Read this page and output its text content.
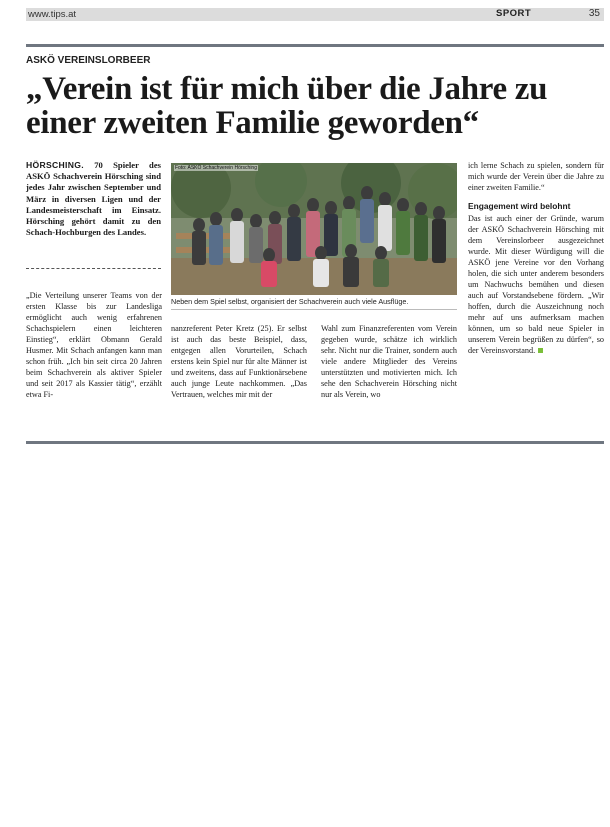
www.tips.at	SPORT	35
ASKÖ VEREINSLORBEER
„Verein ist für mich über die Jahre zu einer zweiten Familie geworden“
HÖRSCHING. 70 Spieler des ASKÖ Schachverein Hörsching sind jedes Jahr zwischen September und März in diversen Ligen und der Landesmeisterschaft im Einsatz. Hörsching gehört damit zu den Schach-Hochburgen des Landes.
Foto: ASKÖ Schachverein Hörsching
Neben dem Spiel selbst, organisiert der Schachverein auch viele Ausflüge.
„Die Verteilung unserer Teams von der ersten Klasse bis zur Landesliga ermöglicht auch wenig erfahrenen Schachspielern einen leichteren Einstieg“, erklärt Obmann Gerald Husmer. Mit Schach anfangen kann man schon früh. „Ich bin seit circa 20 Jahren beim Schachverein als aktiver Spieler und seit 2017 als Kassier tätig“, erzählt etwa Fi-
nanzreferent Peter Kretz (25). Er selbst ist auch das beste Beispiel, dass, entgegen allen Vorurteilen, Schach erstens kein Spiel nur für alte Männer ist und zweitens, dass auf Funktionärsebene auch junge Leute nachkommen. „Das Vertrauen, welches mir mit der
Wahl zum Finanzreferenten vom Verein gegeben wurde, schätze ich wirklich sehr. Nicht nur die Trainer, sondern auch viele andere Mitglieder des Vereins unterstützten und motivierten mich. Ich sehe den Schachverein Hörsching nicht nur als Verein, wo
ich lerne Schach zu spielen, sondern für mich wurde der Verein über die Jahre zu einer zweiten Familie.“
Engagement wird belohnt
Das ist auch einer der Gründe, warum der ASKÖ Schachverein Hörsching mit dem Vereinslorbeer ausgezeichnet wurde. Mit dieser Würdigung will die ASKÖ jene Vereine vor den Vorhang holen, die sich unter anderem besonders um Nachwuchs bemühen und diesen auch auf Vorstandsebene fördern. „Wir hoffen, durch die Auszeichnung noch mehr auf uns aufmerksam machen können, um so bald neue Spieler in unserem Verein begrüßen zu dürfen“, so der Vereinsvorstand.
